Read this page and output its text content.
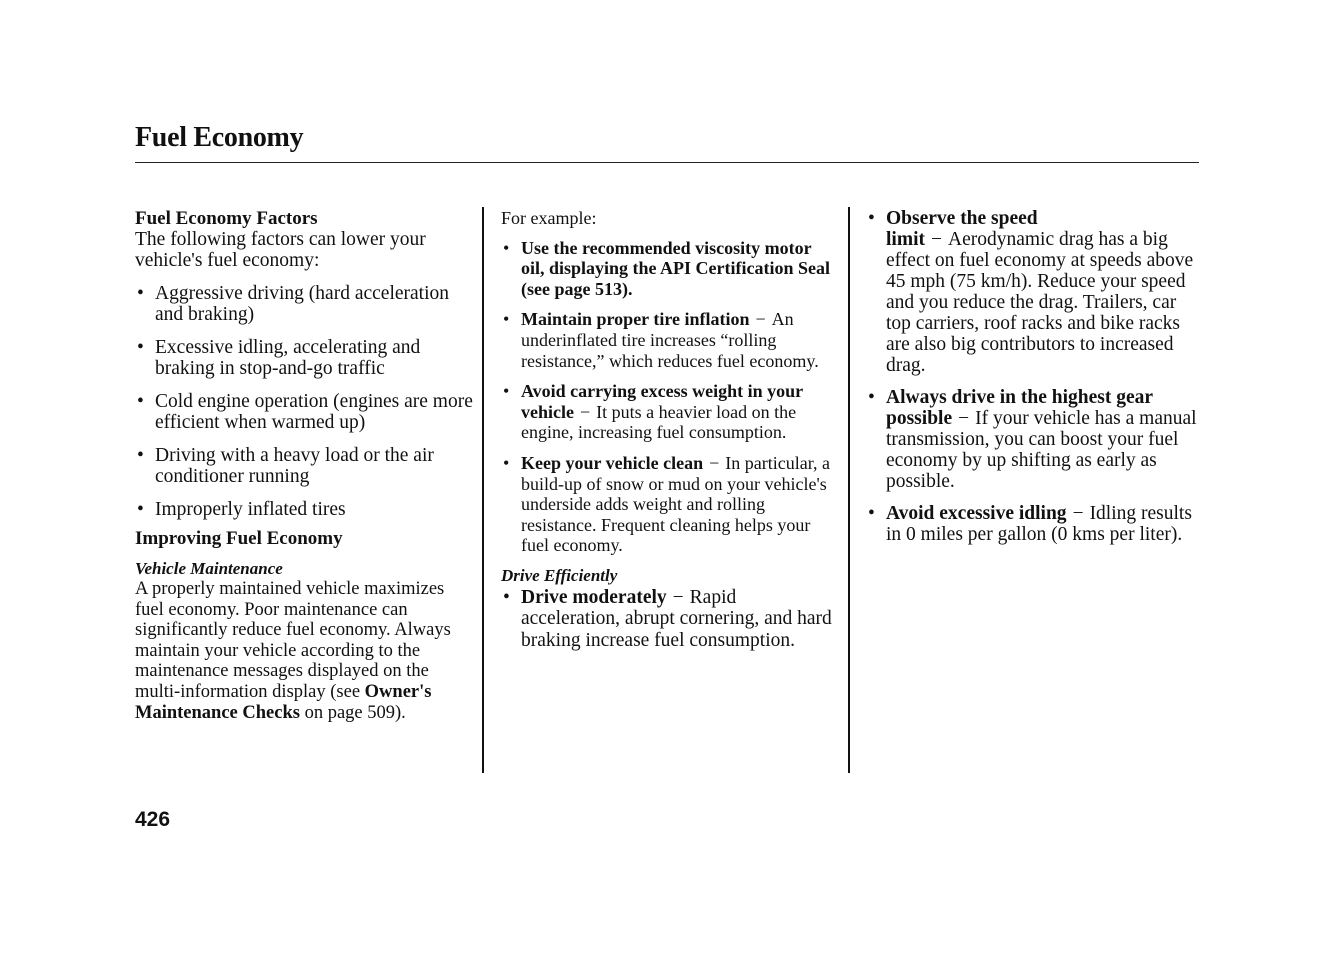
Fuel Economy
Fuel Economy Factors

The following factors can lower your vehicle's fuel economy:

• Aggressive driving (hard acceleration and braking)
• Excessive idling, accelerating and braking in stop-and-go traffic
• Cold engine operation (engines are more efficient when warmed up)
• Driving with a heavy load or the air conditioner running
• Improperly inflated tires
Improving Fuel Economy
Vehicle Maintenance

A properly maintained vehicle maximizes fuel economy. Poor maintenance can significantly reduce fuel economy. Always maintain your vehicle according to the maintenance messages displayed on the multi-information display (see Owner's Maintenance Checks on page 509).

For example:

• Use the recommended viscosity motor oil, displaying the API Certification Seal (see page 513).
• Maintain proper tire inflation − An underinflated tire increases “rolling resistance,” which reduces fuel economy.
• Avoid carrying excess weight in your vehicle − It puts a heavier load on the engine, increasing fuel consumption.
• Keep your vehicle clean − In particular, a build-up of snow or mud on your vehicle's underside adds weight and rolling resistance. Frequent cleaning helps your fuel economy.
Drive Efficiently
• Drive moderately − Rapid acceleration, abrupt cornering, and hard braking increase fuel consumption.
• Observe the speed limit − Aerodynamic drag has a big effect on fuel economy at speeds above 45 mph (75 km/h). Reduce your speed and you reduce the drag. Trailers, car top carriers, roof racks and bike racks are also big contributors to increased drag.
• Always drive in the highest gear possible − If your vehicle has a manual transmission, you can boost your fuel economy by up shifting as early as possible.
• Avoid excessive idling − Idling results in 0 miles per gallon (0 kms per liter).
426
